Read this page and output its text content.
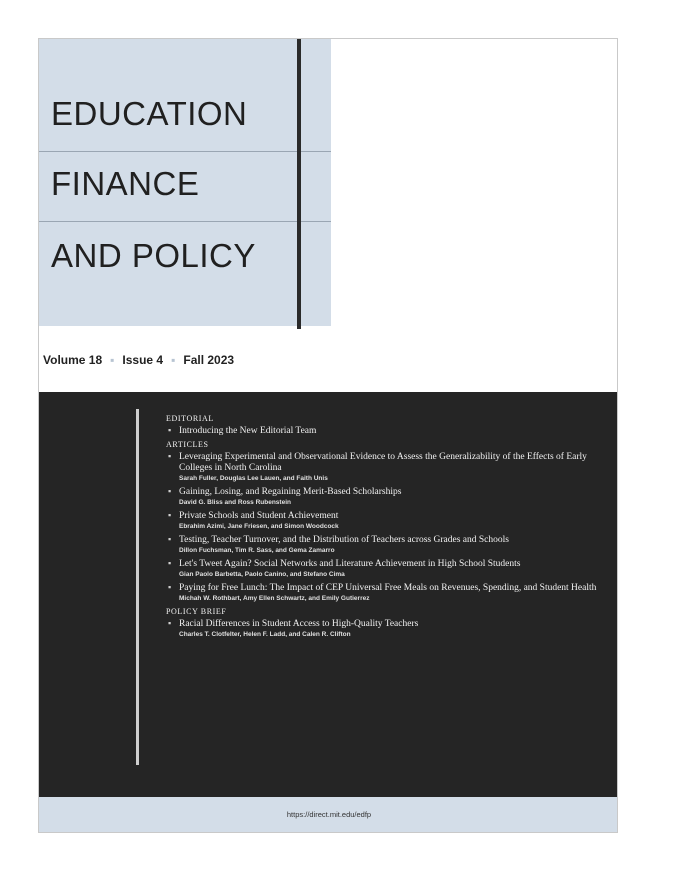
EDUCATION
FINANCE
AND POLICY
Volume 18 ▪ Issue 4 ▪ Fall 2023
EDITORIAL
▪ Introducing the New Editorial Team
ARTICLES
▪ Leveraging Experimental and Observational Evidence to Assess the Generalizability of the Effects of Early Colleges in North Carolina
Sarah Fuller, Douglas Lee Lauen, and Faith Unis
▪ Gaining, Losing, and Regaining Merit-Based Scholarships
David G. Bliss and Ross Rubenstein
▪ Private Schools and Student Achievement
Ebrahim Azimi, Jane Friesen, and Simon Woodcock
▪ Testing, Teacher Turnover, and the Distribution of Teachers across Grades and Schools
Dillon Fuchsman, Tim R. Sass, and Gema Zamarro
▪ Let's Tweet Again? Social Networks and Literature Achievement in High School Students
Gian Paolo Barbetta, Paolo Canino, and Stefano Cima
▪ Paying for Free Lunch: The Impact of CEP Universal Free Meals on Revenues, Spending, and Student Health
Michah W. Rothbart, Amy Ellen Schwartz, and Emily Gutierrez
POLICY BRIEF
▪ Racial Differences in Student Access to High-Quality Teachers
Charles T. Clotfelter, Helen F. Ladd, and Calen R. Clifton
https://direct.mit.edu/edfp
